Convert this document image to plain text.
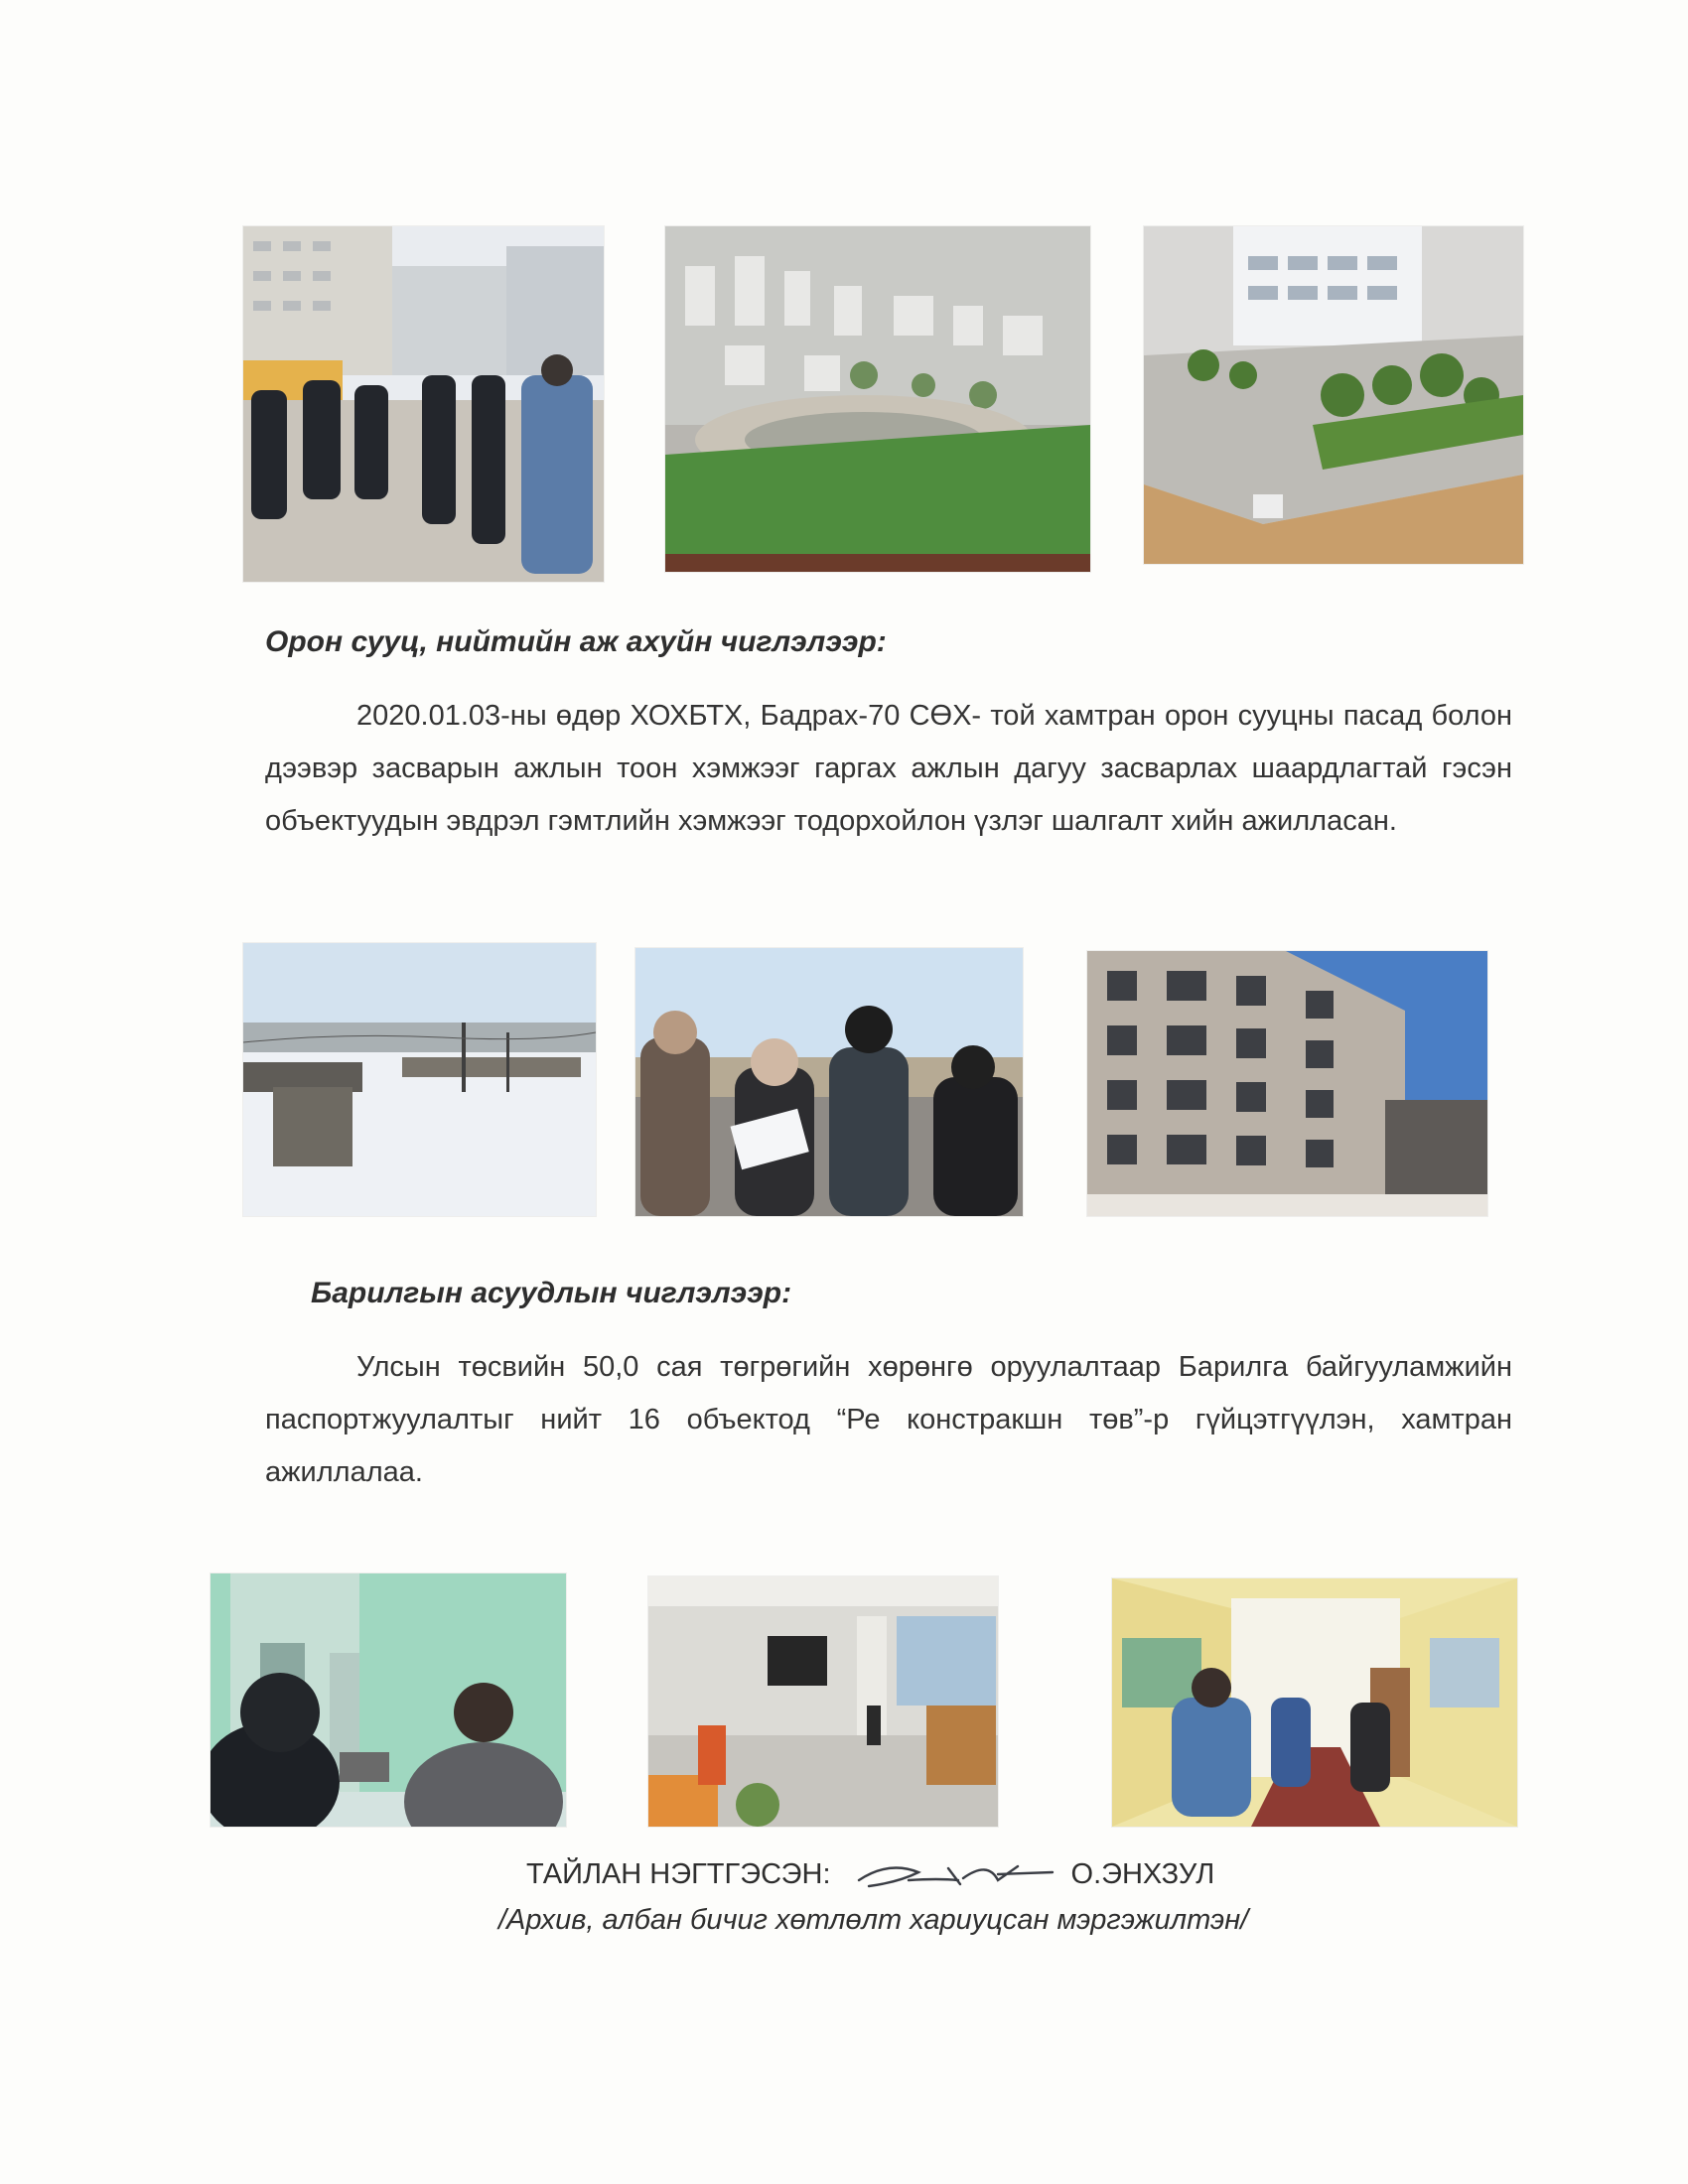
Орон сууц, нийтийн аж ахуйн чиглэлээр:

2020.01.03-ны өдөр ХОХБТХ, Бадрах-70 СӨХ- той хамтран орон сууцны пасад болон дээвэр засварын ажлын тоон хэмжээг гаргах ажлын дагуу засварлах шаардлагтай гэсэн объектуудын эвдрэл гэмтлийн хэмжээг тодорхойлон үзлэг шалгалт хийн ажилласан.

Барилгын асуудлын чиглэлээр:

Улсын төсвийн 50,0 сая төгрөгийн хөрөнгө оруулалтаар Барилга байгууламжийн паспортжуулалтыг нийт 16 объектод “Ре констракшн төв”-р гүйцэтгүүлэн, хамтран ажиллалаа.

ТАЙЛАН НЭГТГЭСЭН:	О.ЭНХЗУЛ
/Архив, албан бичиг хөтлөлт хариуцсан мэргэжилтэн/
